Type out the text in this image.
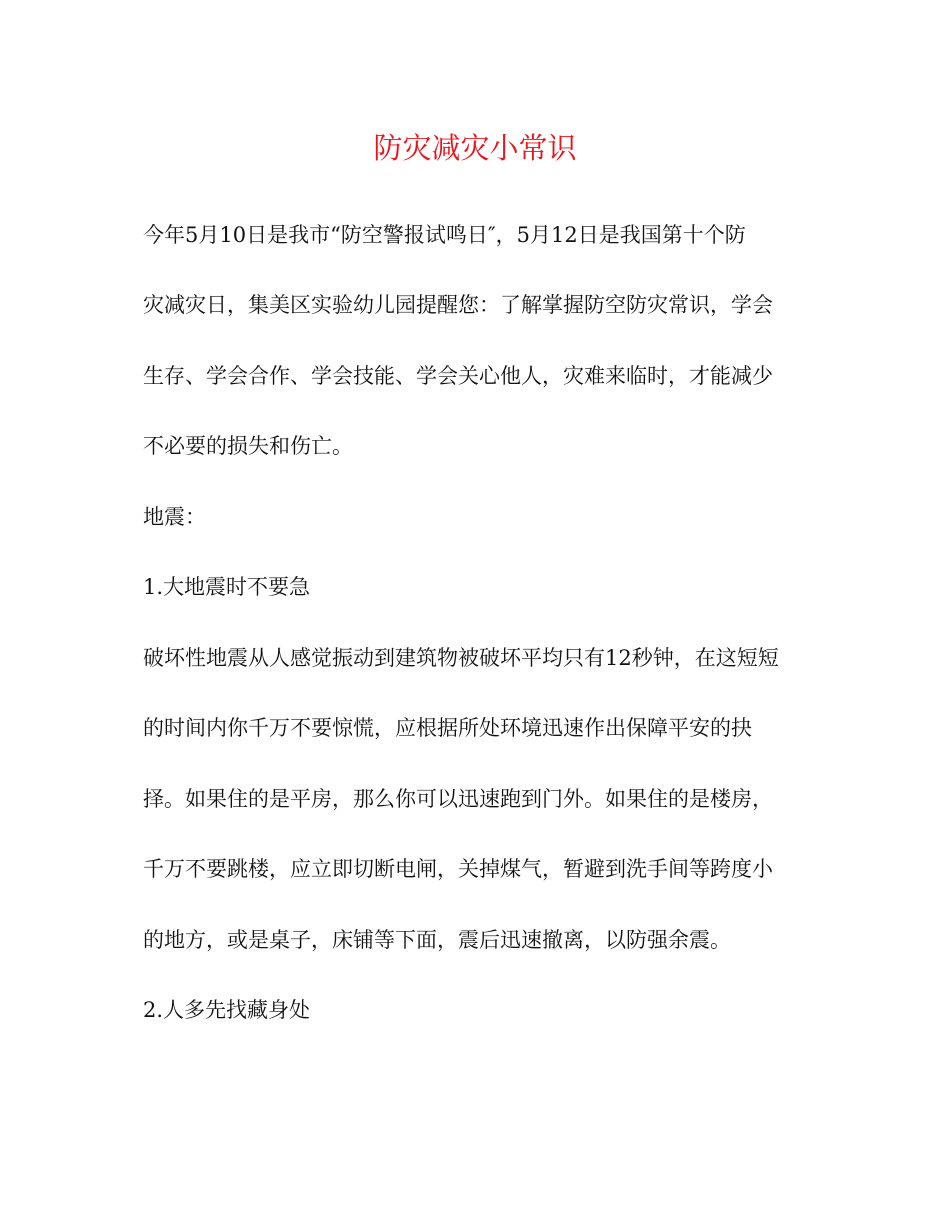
防灾减灾小常识

今年5月10日是我市“防空警报试鸣日″，5月12日是我国第十个防

灾减灾日，集美区实验幼儿园提醒您：了解掌握防空防灾常识，学会

生存、学会合作、学会技能、学会关心他人，灾难来临时，才能减少

不必要的损失和伤亡。

地震：

1.大地震时不要急

破坏性地震从人感觉振动到建筑物被破坏平均只有12秒钟，在这短短

的时间内你千万不要惊慌，应根据所处环境迅速作出保障平安的抉

择。如果住的是平房，那么你可以迅速跑到门外。如果住的是楼房，

千万不要跳楼，应立即切断电闸，关掉煤气，暂避到洗手间等跨度小

的地方，或是桌子，床铺等下面，震后迅速撤离，以防强余震。

2.人多先找藏身处
